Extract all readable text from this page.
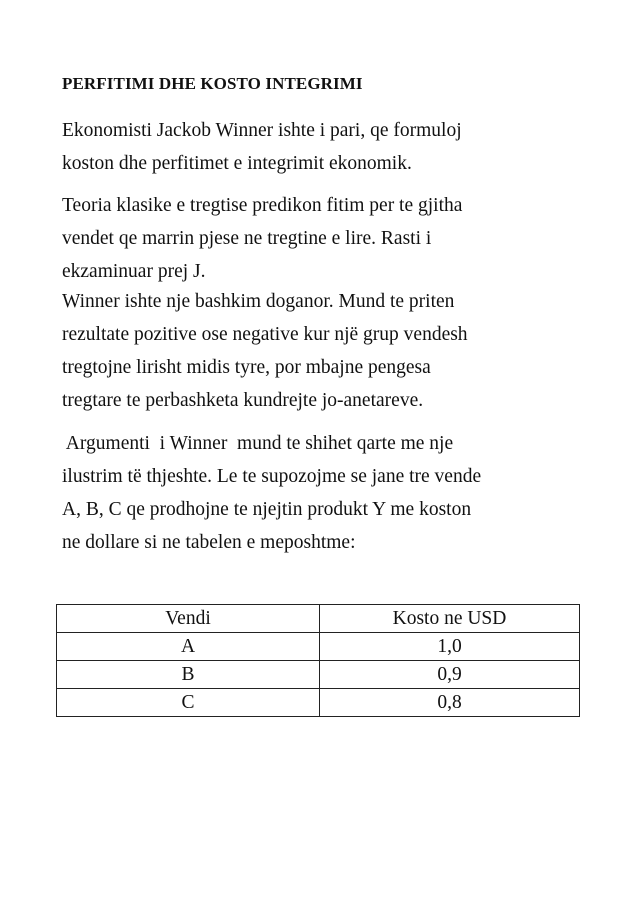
PERFITIMI DHE KOSTO INTEGRIMI
Ekonomisti Jackob Winner ishte i pari, qe formuloj
koston dhe perfitimet e integrimit ekonomik.
Teoria klasike e tregtise predikon fitim per te gjitha
vendet qe marrin pjese ne tregtine e lire. Rasti i
ekzaminuar prej J.
Winner ishte nje bashkim doganor. Mund te priten
rezultate pozitive ose negative kur një grup vendesh
tregtojne lirisht midis tyre, por mbajne pengesa
tregtare te perbashketa kundrejte jo-anetareve.
Argumenti  i Winner  mund te shihet qarte me nje
ilustrim të thjeshte. Le te supozojme se jane tre vende
A, B, C qe prodhojne te njejtin produkt Y me koston
ne dollare si ne tabelen e meposhtme:
Vendi	Kosto ne USD
A	1,0
B	0,9
C	0,8
